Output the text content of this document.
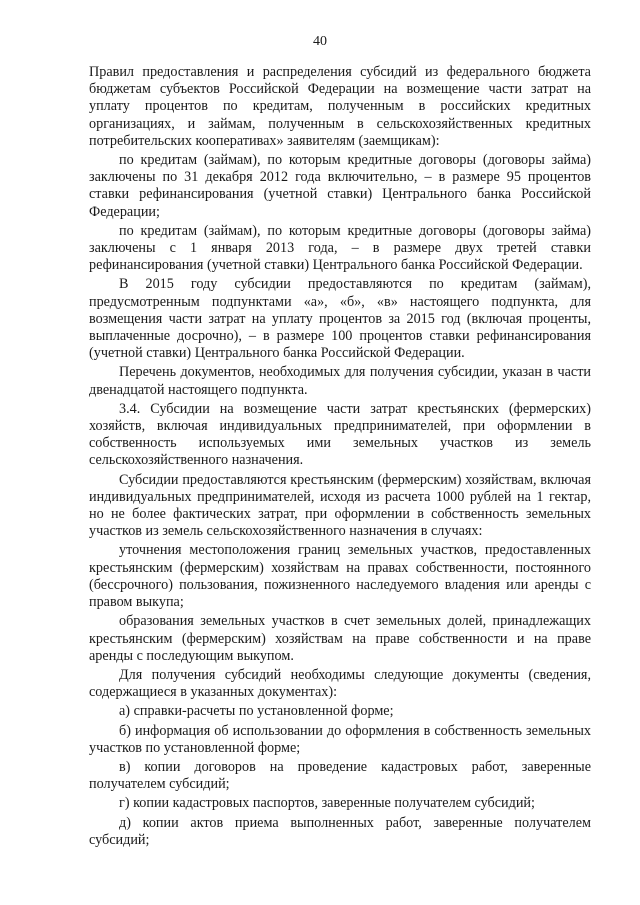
40

Правил предоставления и распределения субсидий из федерального бюджета бюджетам субъектов Российской Федерации на возмещение части затрат на уплату процентов по кредитам, полученным в российских кредитных организациях, и займам, полученным в сельскохозяйственных кредитных потребительских кооперативах» заявителям (заемщикам):

по кредитам (займам), по которым кредитные договоры (договоры займа) заключены по 31 декабря 2012 года включительно, – в размере 95 процентов ставки рефинансирования (учетной ставки) Центрального банка Российской Федерации;

по кредитам (займам), по которым кредитные договоры (договоры займа) заключены с 1 января 2013 года, – в размере двух третей ставки рефинансирования (учетной ставки) Центрального банка Российской Федерации.

В 2015 году субсидии предоставляются по кредитам (займам), предусмотренным подпунктами «а», «б», «в» настоящего подпункта, для возмещения части затрат на уплату процентов за 2015 год (включая проценты, выплаченные досрочно), – в размере 100 процентов ставки рефинансирования (учетной ставки) Центрального банка Российской Федерации.

Перечень документов, необходимых для получения субсидии, указан в части двенадцатой настоящего подпункта.

3.4. Субсидии на возмещение части затрат крестьянских (фермерских) хозяйств, включая индивидуальных предпринимателей, при оформлении в собственность используемых ими земельных участков из земель сельскохозяйственного назначения.

Субсидии предоставляются крестьянским (фермерским) хозяйствам, включая индивидуальных предпринимателей, исходя из расчета 1000 рублей на 1 гектар, но не более фактических затрат, при оформлении в собственность земельных участков из земель сельскохозяйственного назначения в случаях:

уточнения местоположения границ земельных участков, предоставленных крестьянским (фермерским) хозяйствам на правах собственности, постоянного (бессрочного) пользования, пожизненного наследуемого владения или аренды с правом выкупа;

образования земельных участков в счет земельных долей, принадлежащих крестьянским (фермерским) хозяйствам на праве собственности и на праве аренды с последующим выкупом.

Для получения субсидий необходимы следующие документы (сведения, содержащиеся в указанных документах):

а) справки-расчеты по установленной форме;

б) информация об использовании до оформления в собственность земельных участков по установленной форме;

в) копии договоров на проведение кадастровых работ, заверенные получателем субсидий;

г) копии кадастровых паспортов, заверенные получателем субсидий;

д) копии актов приема выполненных работ, заверенные получателем субсидий;
